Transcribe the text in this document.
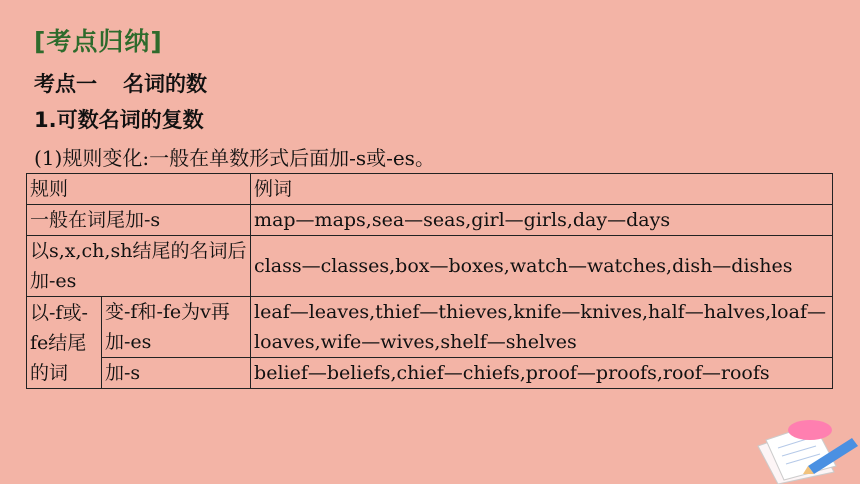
[考点归纳]
考点一 名词的数
1.可数名词的复数
(1)规则变化:一般在单数形式后面加-s或-es。
规则		例词
一般在词尾加-s		map—maps,sea—seas,girl—girls,day—days
以s,x,ch,sh结尾的名词后加-es		class—classes,box—boxes,watch—watches,dish—dishes
以-f或-fe结尾的词	变-f和-fe为v再加-es	leaf—leaves,thief—thieves,knife—knives,half—halves,loaf—loaves,wife—wives,shelf—shelves
	加-s	belief—beliefs,chief—chiefs,proof—proofs,roof—roofs
